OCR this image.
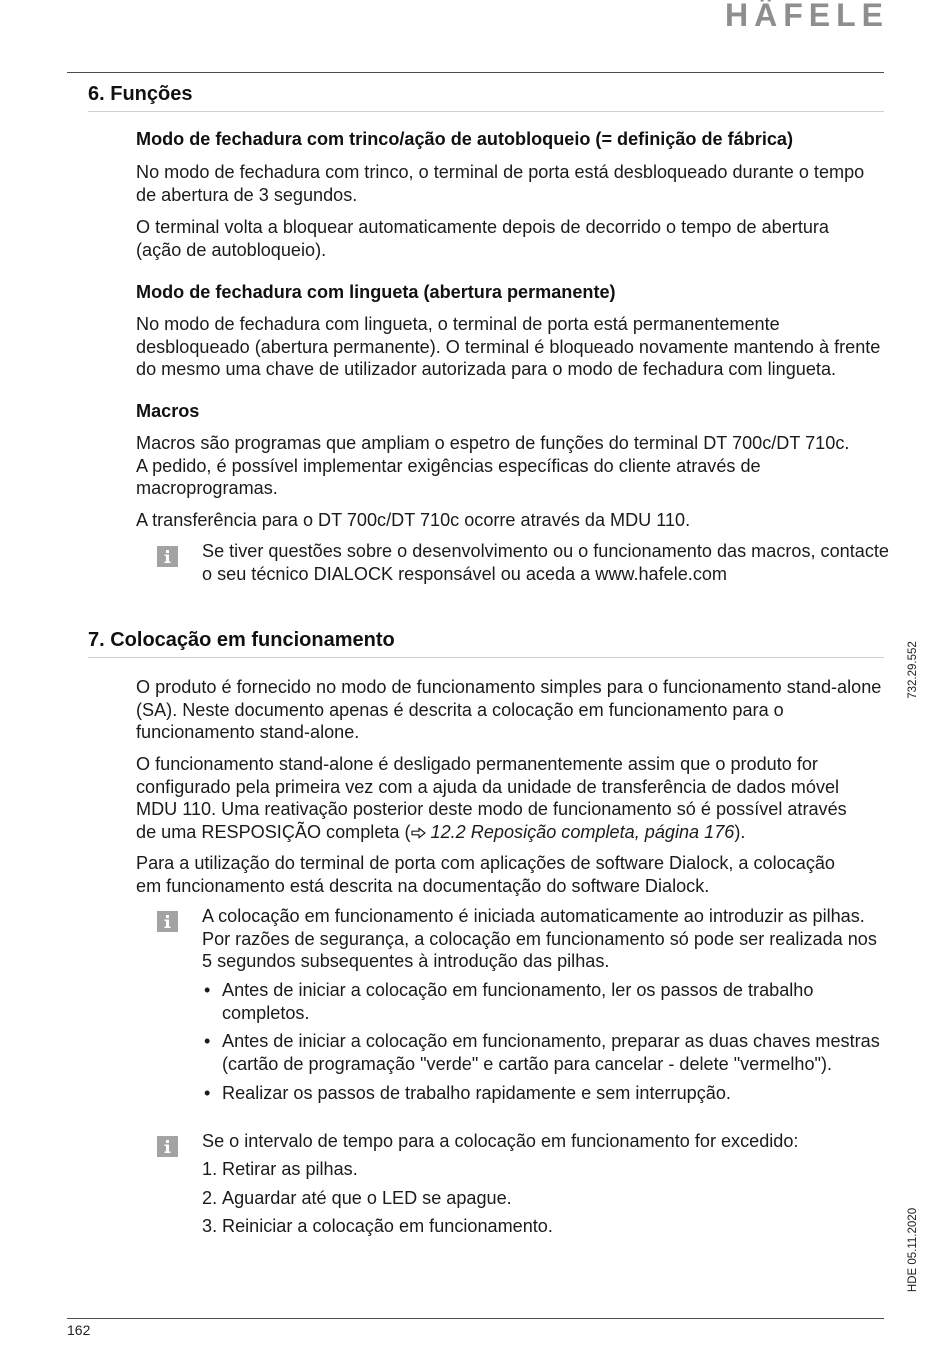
HÄFELE
6. Funções
Modo de fechadura com trinco/ação de autobloqueio (= definição de fábrica)

No modo de fechadura com trinco, o terminal de porta está desbloqueado durante o tempo
de abertura de 3 segundos.

O terminal volta a bloquear automaticamente depois de decorrido o tempo de abertura
(ação de autobloqueio).

Modo de fechadura com lingueta (abertura permanente)

No modo de fechadura com lingueta, o terminal de porta está permanentemente
desbloqueado (abertura permanente). O terminal é bloqueado novamente mantendo à frente
do mesmo uma chave de utilizador autorizada para o modo de fechadura com lingueta.

Macros

Macros são programas que ampliam o espetro de funções do terminal DT 700c/DT 710c.
A pedido, é possível implementar exigências específicas do cliente através de
macroprogramas.

A transferência para o DT 700c/DT 710c ocorre através da MDU 110.

Se tiver questões sobre o desenvolvimento ou o funcionamento das macros, contacte
o seu técnico DIALOCK responsável ou aceda a www.hafele.com

7. Colocação em funcionamento

O produto é fornecido no modo de funcionamento simples para o funcionamento stand-alone
(SA). Neste documento apenas é descrita a colocação em funcionamento para o
funcionamento stand-alone.

O funcionamento stand-alone é desligado permanentemente assim que o produto for
configurado pela primeira vez com a ajuda da unidade de transferência de dados móvel
MDU 110. Uma reativação posterior deste modo de funcionamento só é possível através
de uma RESPOSIÇÃO completa ( 12.2 Reposição completa, página 176).

Para a utilização do terminal de porta com aplicações de software Dialock, a colocação
em funcionamento está descrita na documentação do software Dialock.

A colocação em funcionamento é iniciada automaticamente ao introduzir as pilhas.
Por razões de segurança, a colocação em funcionamento só pode ser realizada nos
5 segundos subsequentes à introdução das pilhas.

• Antes de iniciar a colocação em funcionamento, ler os passos de trabalho
completos.
• Antes de iniciar a colocação em funcionamento, preparar as duas chaves mestras
(cartão de programação "verde" e cartão para cancelar - delete "vermelho").
• Realizar os passos de trabalho rapidamente e sem interrupção.

Se o intervalo de tempo para a colocação em funcionamento for excedido:

1. Retirar as pilhas.
2. Aguardar até que o LED se apague.
3. Reiniciar a colocação em funcionamento.
732.29.552
HDE 05.11.2020
162
